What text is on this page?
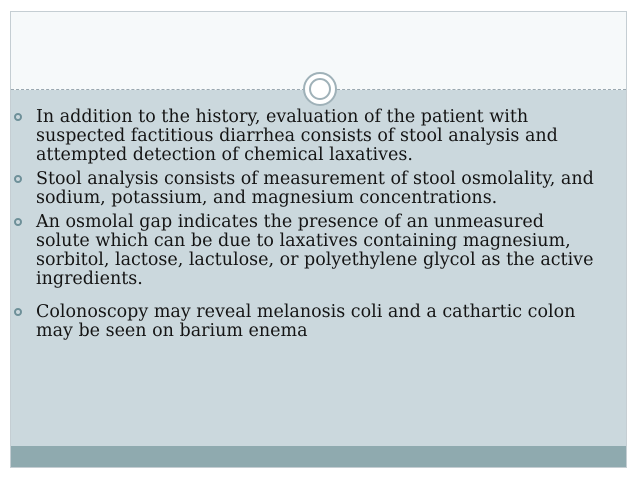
In addition to the history, evaluation of the patient with suspected factitious diarrhea consists of stool analysis and attempted detection of chemical laxatives.
Stool analysis consists of measurement of stool osmolality, and sodium, potassium, and magnesium concentrations.
An osmolal gap indicates the presence of an unmeasured solute which can be due to laxatives containing magnesium, sorbitol, lactose, lactulose, or polyethylene glycol as the active ingredients.
Colonoscopy may reveal melanosis coli and a cathartic colon may be seen on barium enema
